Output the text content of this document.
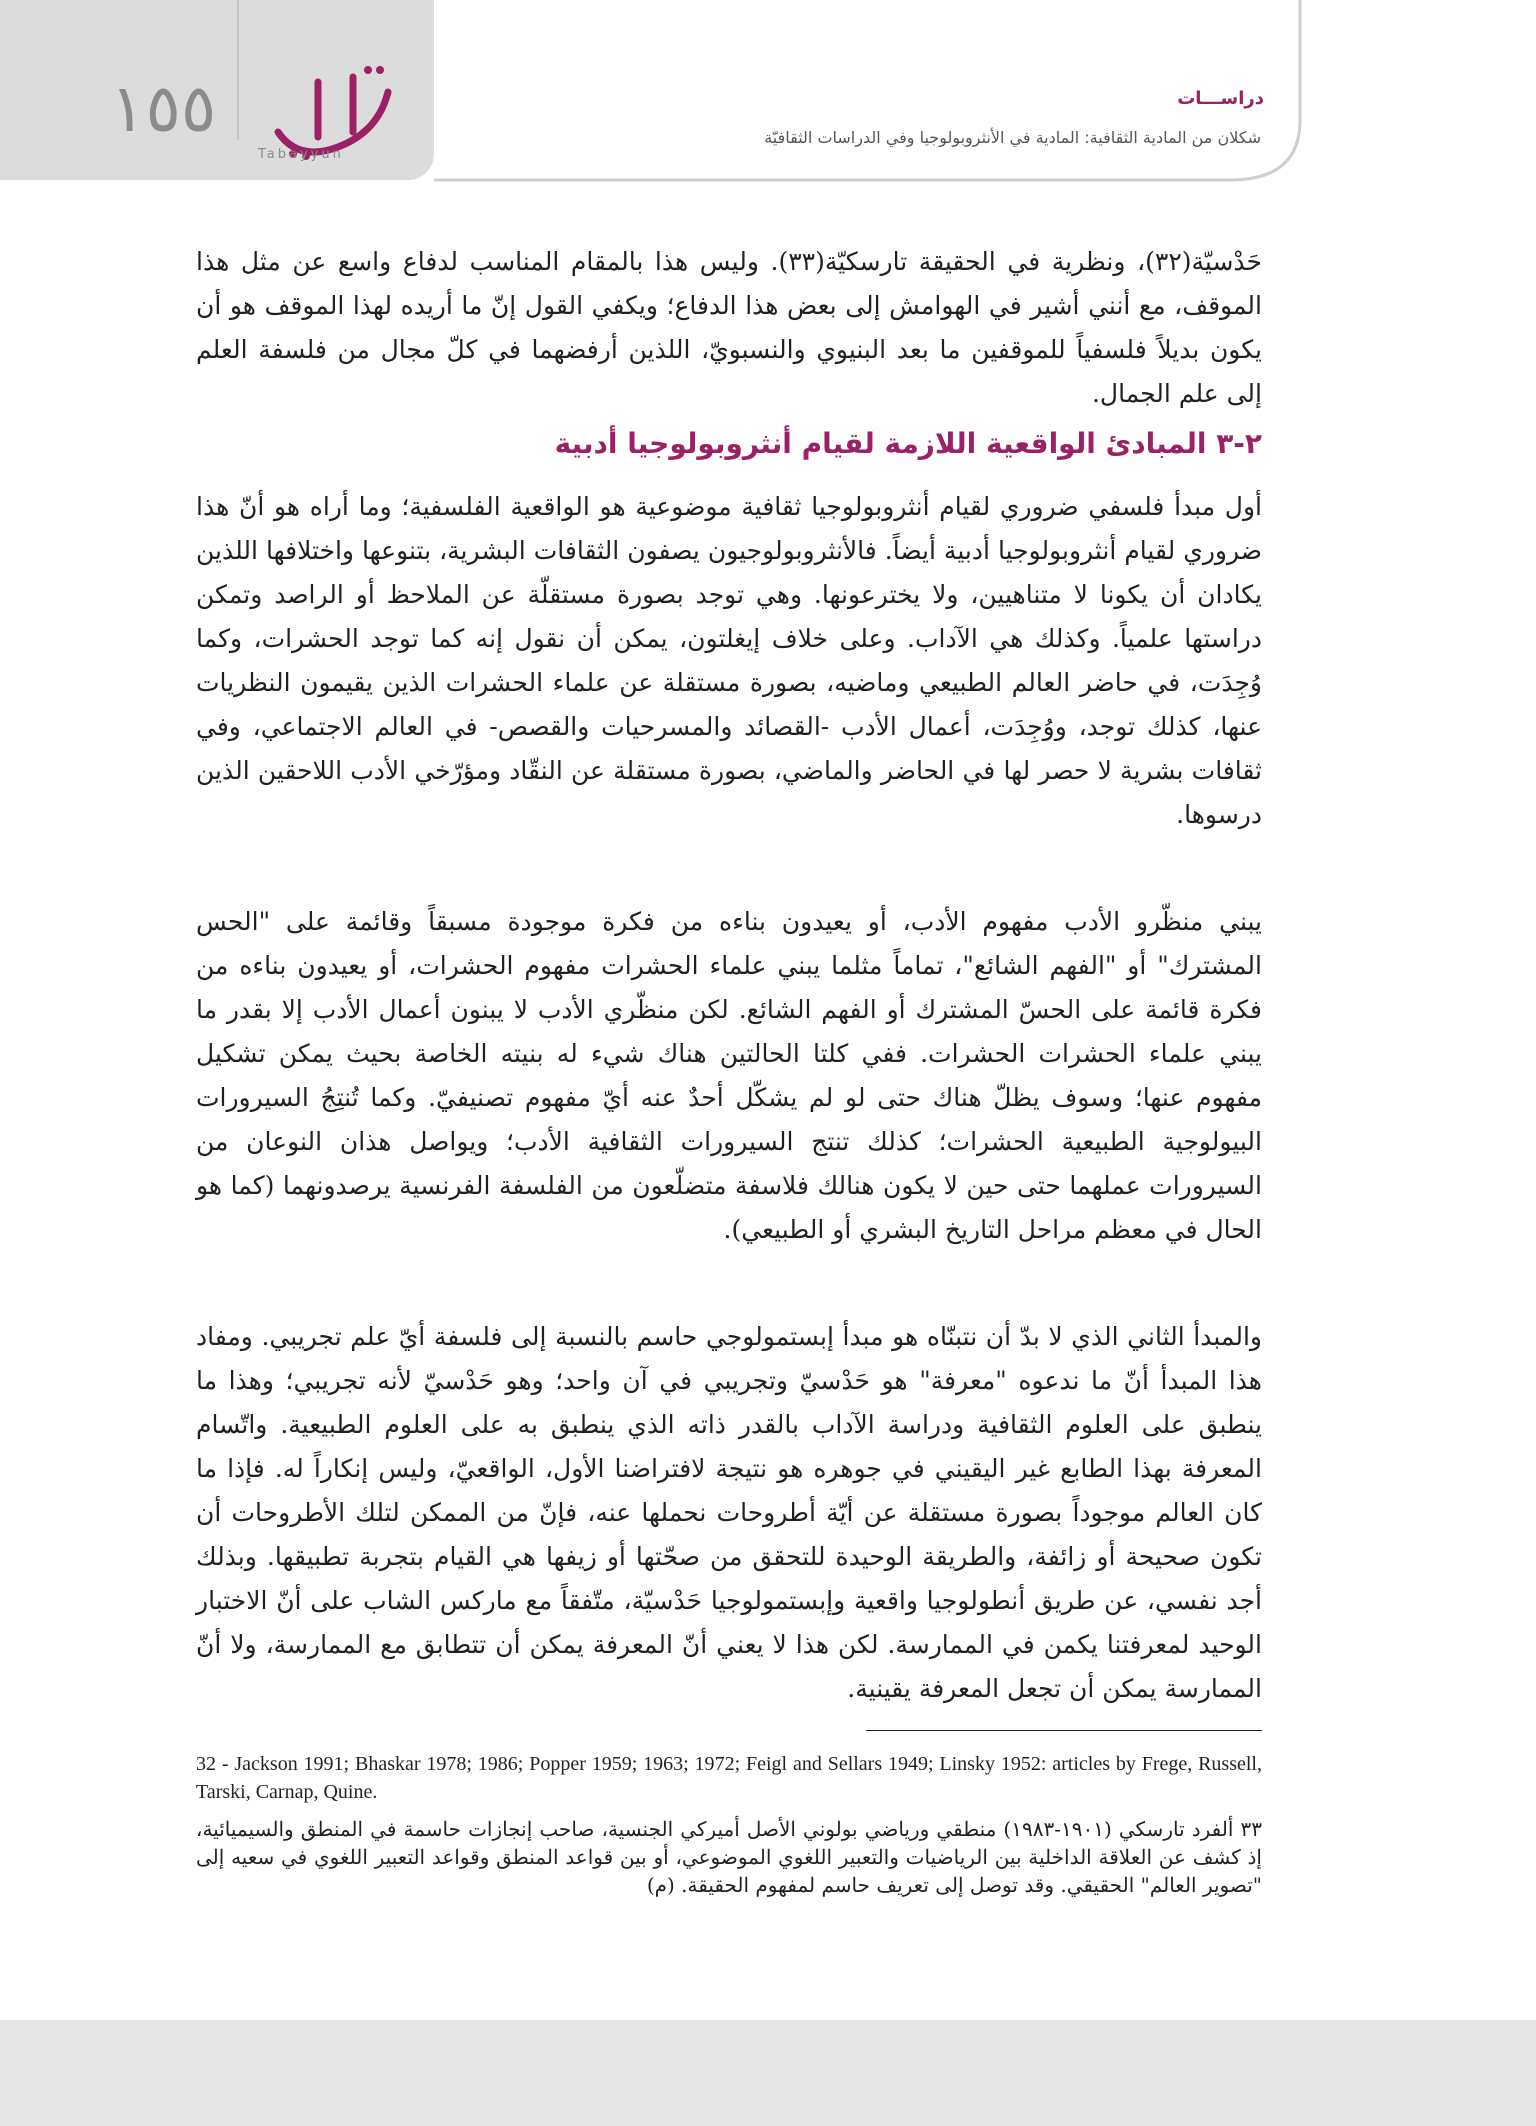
١٥٥
Tabayyun
دراســـات
شكلان من المادية الثقافية: المادية في الأنثروبولوجيا وفي الدراسات الثقافيّة

حَدْسيّة(٣٢)، ونظرية في الحقيقة تارسكيّة(٣٣). وليس هذا بالمقام المناسب لدفاع واسع عن مثل هذا الموقف، مع أنني أشير في الهوامش إلى بعض هذا الدفاع؛ ويكفي القول إنّ ما أريده لهذا الموقف هو أن يكون بديلاً فلسفياً للموقفين ما بعد البنيوي والنسبويّ، اللذين أرفضهما في كلّ مجال من فلسفة العلم إلى علم الجمال.

٢-٣ المبادئ الواقعية اللازمة لقيام أنثروبولوجيا أدبية

أول مبدأ فلسفي ضروري لقيام أنثروبولوجيا ثقافية موضوعية هو الواقعية الفلسفية؛ وما أراه هو أنّ هذا ضروري لقيام أنثروبولوجيا أدبية أيضاً. فالأنثروبولوجيون يصفون الثقافات البشرية، بتنوعها واختلافها اللذين يكادان أن يكونا لا متناهيين، ولا يخترعونها. وهي توجد بصورة مستقلّة عن الملاحظ أو الراصد وتمكن دراستها علمياً. وكذلك هي الآداب. وعلى خلاف إيغلتون، يمكن أن نقول إنه كما توجد الحشرات، وكما وُجِدَت، في حاضر العالم الطبيعي وماضيه، بصورة مستقلة عن علماء الحشرات الذين يقيمون النظريات عنها، كذلك توجد، ووُجِدَت، أعمال الأدب -القصائد والمسرحيات والقصص- في العالم الاجتماعي، وفي ثقافات بشرية لا حصر لها في الحاضر والماضي، بصورة مستقلة عن النقّاد ومؤرّخي الأدب اللاحقين الذين درسوها.

يبني منظّرو الأدب مفهوم الأدب، أو يعيدون بناءه من فكرة موجودة مسبقاً وقائمة على "الحس المشترك" أو "الفهم الشائع"، تماماً مثلما يبني علماء الحشرات مفهوم الحشرات، أو يعيدون بناءه من فكرة قائمة على الحسّ المشترك أو الفهم الشائع. لكن منظّري الأدب لا يبنون أعمال الأدب إلا بقدر ما يبني علماء الحشرات الحشرات. ففي كلتا الحالتين هناك شيء له بنيته الخاصة بحيث يمكن تشكيل مفهوم عنها؛ وسوف يظلّ هناك حتى لو لم يشكّل أحدٌ عنه أيّ مفهوم تصنيفيّ. وكما تُنتِجُ السيرورات البيولوجية الطبيعية الحشرات؛ كذلك تنتج السيرورات الثقافية الأدب؛ ويواصل هذان النوعان من السيرورات عملهما حتى حين لا يكون هنالك فلاسفة متضلّعون من الفلسفة الفرنسية يرصدونهما (كما هو الحال في معظم مراحل التاريخ البشري أو الطبيعي).

والمبدأ الثاني الذي لا بدّ أن نتبنّاه هو مبدأ إبستمولوجي حاسم بالنسبة إلى فلسفة أيّ علم تجريبي. ومفاد هذا المبدأ أنّ ما ندعوه "معرفة" هو حَدْسيّ وتجريبي في آن واحد؛ وهو حَدْسيّ لأنه تجريبي؛ وهذا ما ينطبق على العلوم الثقافية ودراسة الآداب بالقدر ذاته الذي ينطبق به على العلوم الطبيعية. واتّسام المعرفة بهذا الطابع غير اليقيني في جوهره هو نتيجة لافتراضنا الأول، الواقعيّ، وليس إنكاراً له. فإذا ما كان العالم موجوداً بصورة مستقلة عن أيّة أطروحات نحملها عنه، فإنّ من الممكن لتلك الأطروحات أن تكون صحيحة أو زائفة، والطريقة الوحيدة للتحقق من صحّتها أو زيفها هي القيام بتجربة تطبيقها. وبذلك أجد نفسي، عن طريق أنطولوجيا واقعية وإبستمولوجيا حَدْسيّة، متّفقاً مع ماركس الشاب على أنّ الاختبار الوحيد لمعرفتنا يكمن في الممارسة. لكن هذا لا يعني أنّ المعرفة يمكن أن تتطابق مع الممارسة، ولا أنّ الممارسة يمكن أن تجعل المعرفة يقينية.

32 - Jackson 1991; Bhaskar 1978; 1986; Popper 1959; 1963; 1972; Feigl and Sellars 1949; Linsky 1952: articles by Frege, Russell, Tarski, Carnap, Quine.
٣٣ ألفرد تارسكي (١٩٠١-١٩٨٣) منطقي ورياضي بولوني الأصل أميركي الجنسية، صاحب إنجازات حاسمة في المنطق والسيميائية، إذ كشف عن العلاقة الداخلية بين الرياضيات والتعبير اللغوي الموضوعي، أو بين قواعد المنطق وقواعد التعبير اللغوي في سعيه إلى "تصوير العالم" الحقيقي. وقد توصل إلى تعريف حاسم لمفهوم الحقيقة. (م)
